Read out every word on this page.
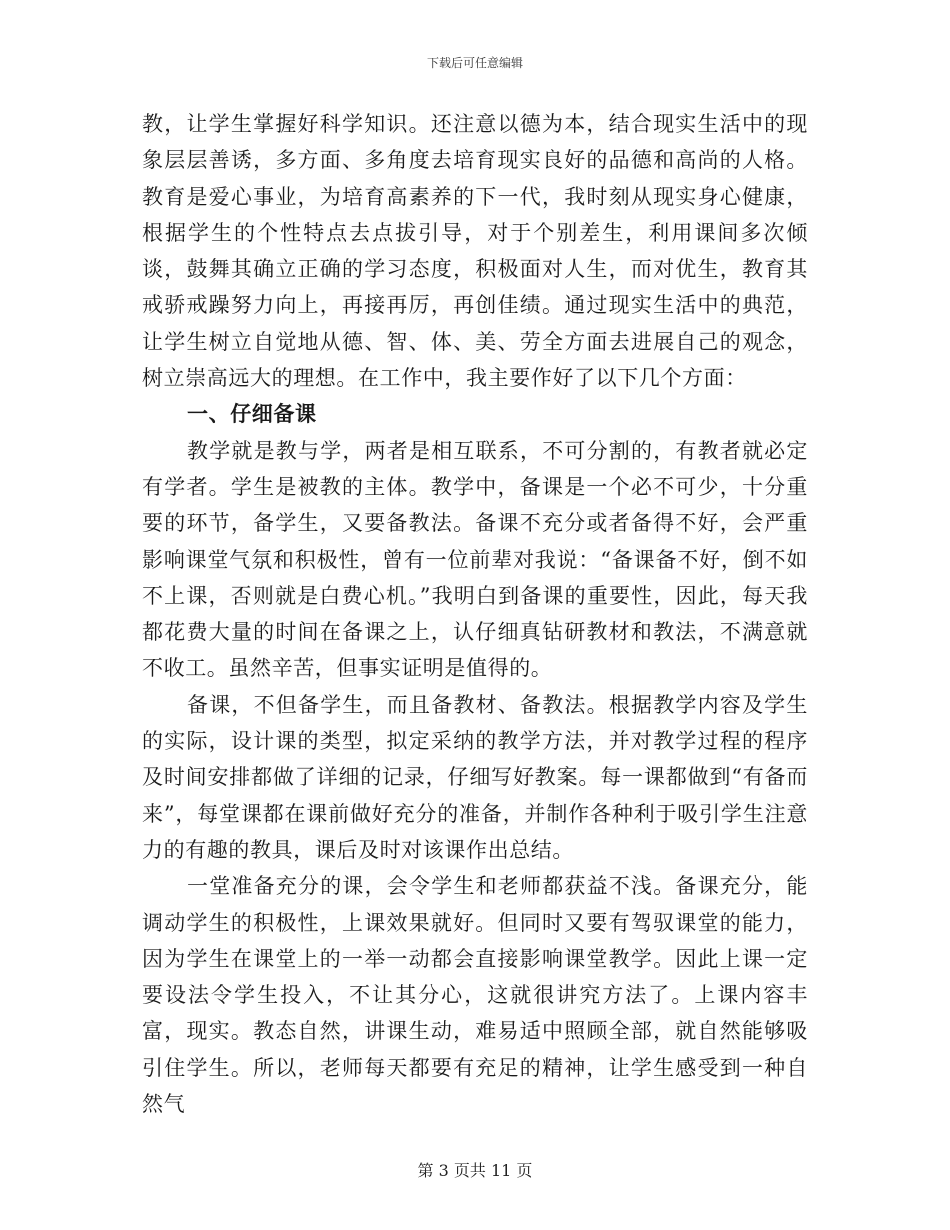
下载后可任意编辑

教，让学生掌握好科学知识。还注意以德为本，结合现实生活中的现象层层善诱，多方面、多角度去培育现实良好的品德和高尚的人格。教育是爱心事业，为培育高素养的下一代，我时刻从现实身心健康，根据学生的个性特点去点拔引导，对于个别差生，利用课间多次倾谈，鼓舞其确立正确的学习态度，积极面对人生，而对优生，教育其戒骄戒躁努力向上，再接再厉，再创佳绩。通过现实生活中的典范，让学生树立自觉地从德、智、体、美、劳全方面去进展自己的观念，树立崇高远大的理想。在工作中，我主要作好了以下几个方面：

一、仔细备课

教学就是教与学，两者是相互联系，不可分割的，有教者就必定有学者。学生是被教的主体。教学中，备课是一个必不可少，十分重要的环节，备学生，又要备教法。备课不充分或者备得不好，会严重影响课堂气氛和积极性，曾有一位前辈对我说：“备课备不好，倒不如不上课，否则就是白费心机。”我明白到备课的重要性，因此，每天我都花费大量的时间在备课之上，认仔细真钻研教材和教法，不满意就不收工。虽然辛苦，但事实证明是值得的。

备课，不但备学生，而且备教材、备教法。根据教学内容及学生的实际，设计课的类型，拟定采纳的教学方法，并对教学过程的程序及时间安排都做了详细的记录，仔细写好教案。每一课都做到“有备而来”，每堂课都在课前做好充分的准备，并制作各种利于吸引学生注意力的有趣的教具，课后及时对该课作出总结。

一堂准备充分的课，会令学生和老师都获益不浅。备课充分，能调动学生的积极性，上课效果就好。但同时又要有驾驭课堂的能力，因为学生在课堂上的一举一动都会直接影响课堂教学。因此上课一定要设法令学生投入，不让其分心，这就很讲究方法了。上课内容丰富，现实。教态自然，讲课生动，难易适中照顾全部，就自然能够吸引住学生。所以，老师每天都要有充足的精神，让学生感受到一种自然气

第 3 页共 11 页
